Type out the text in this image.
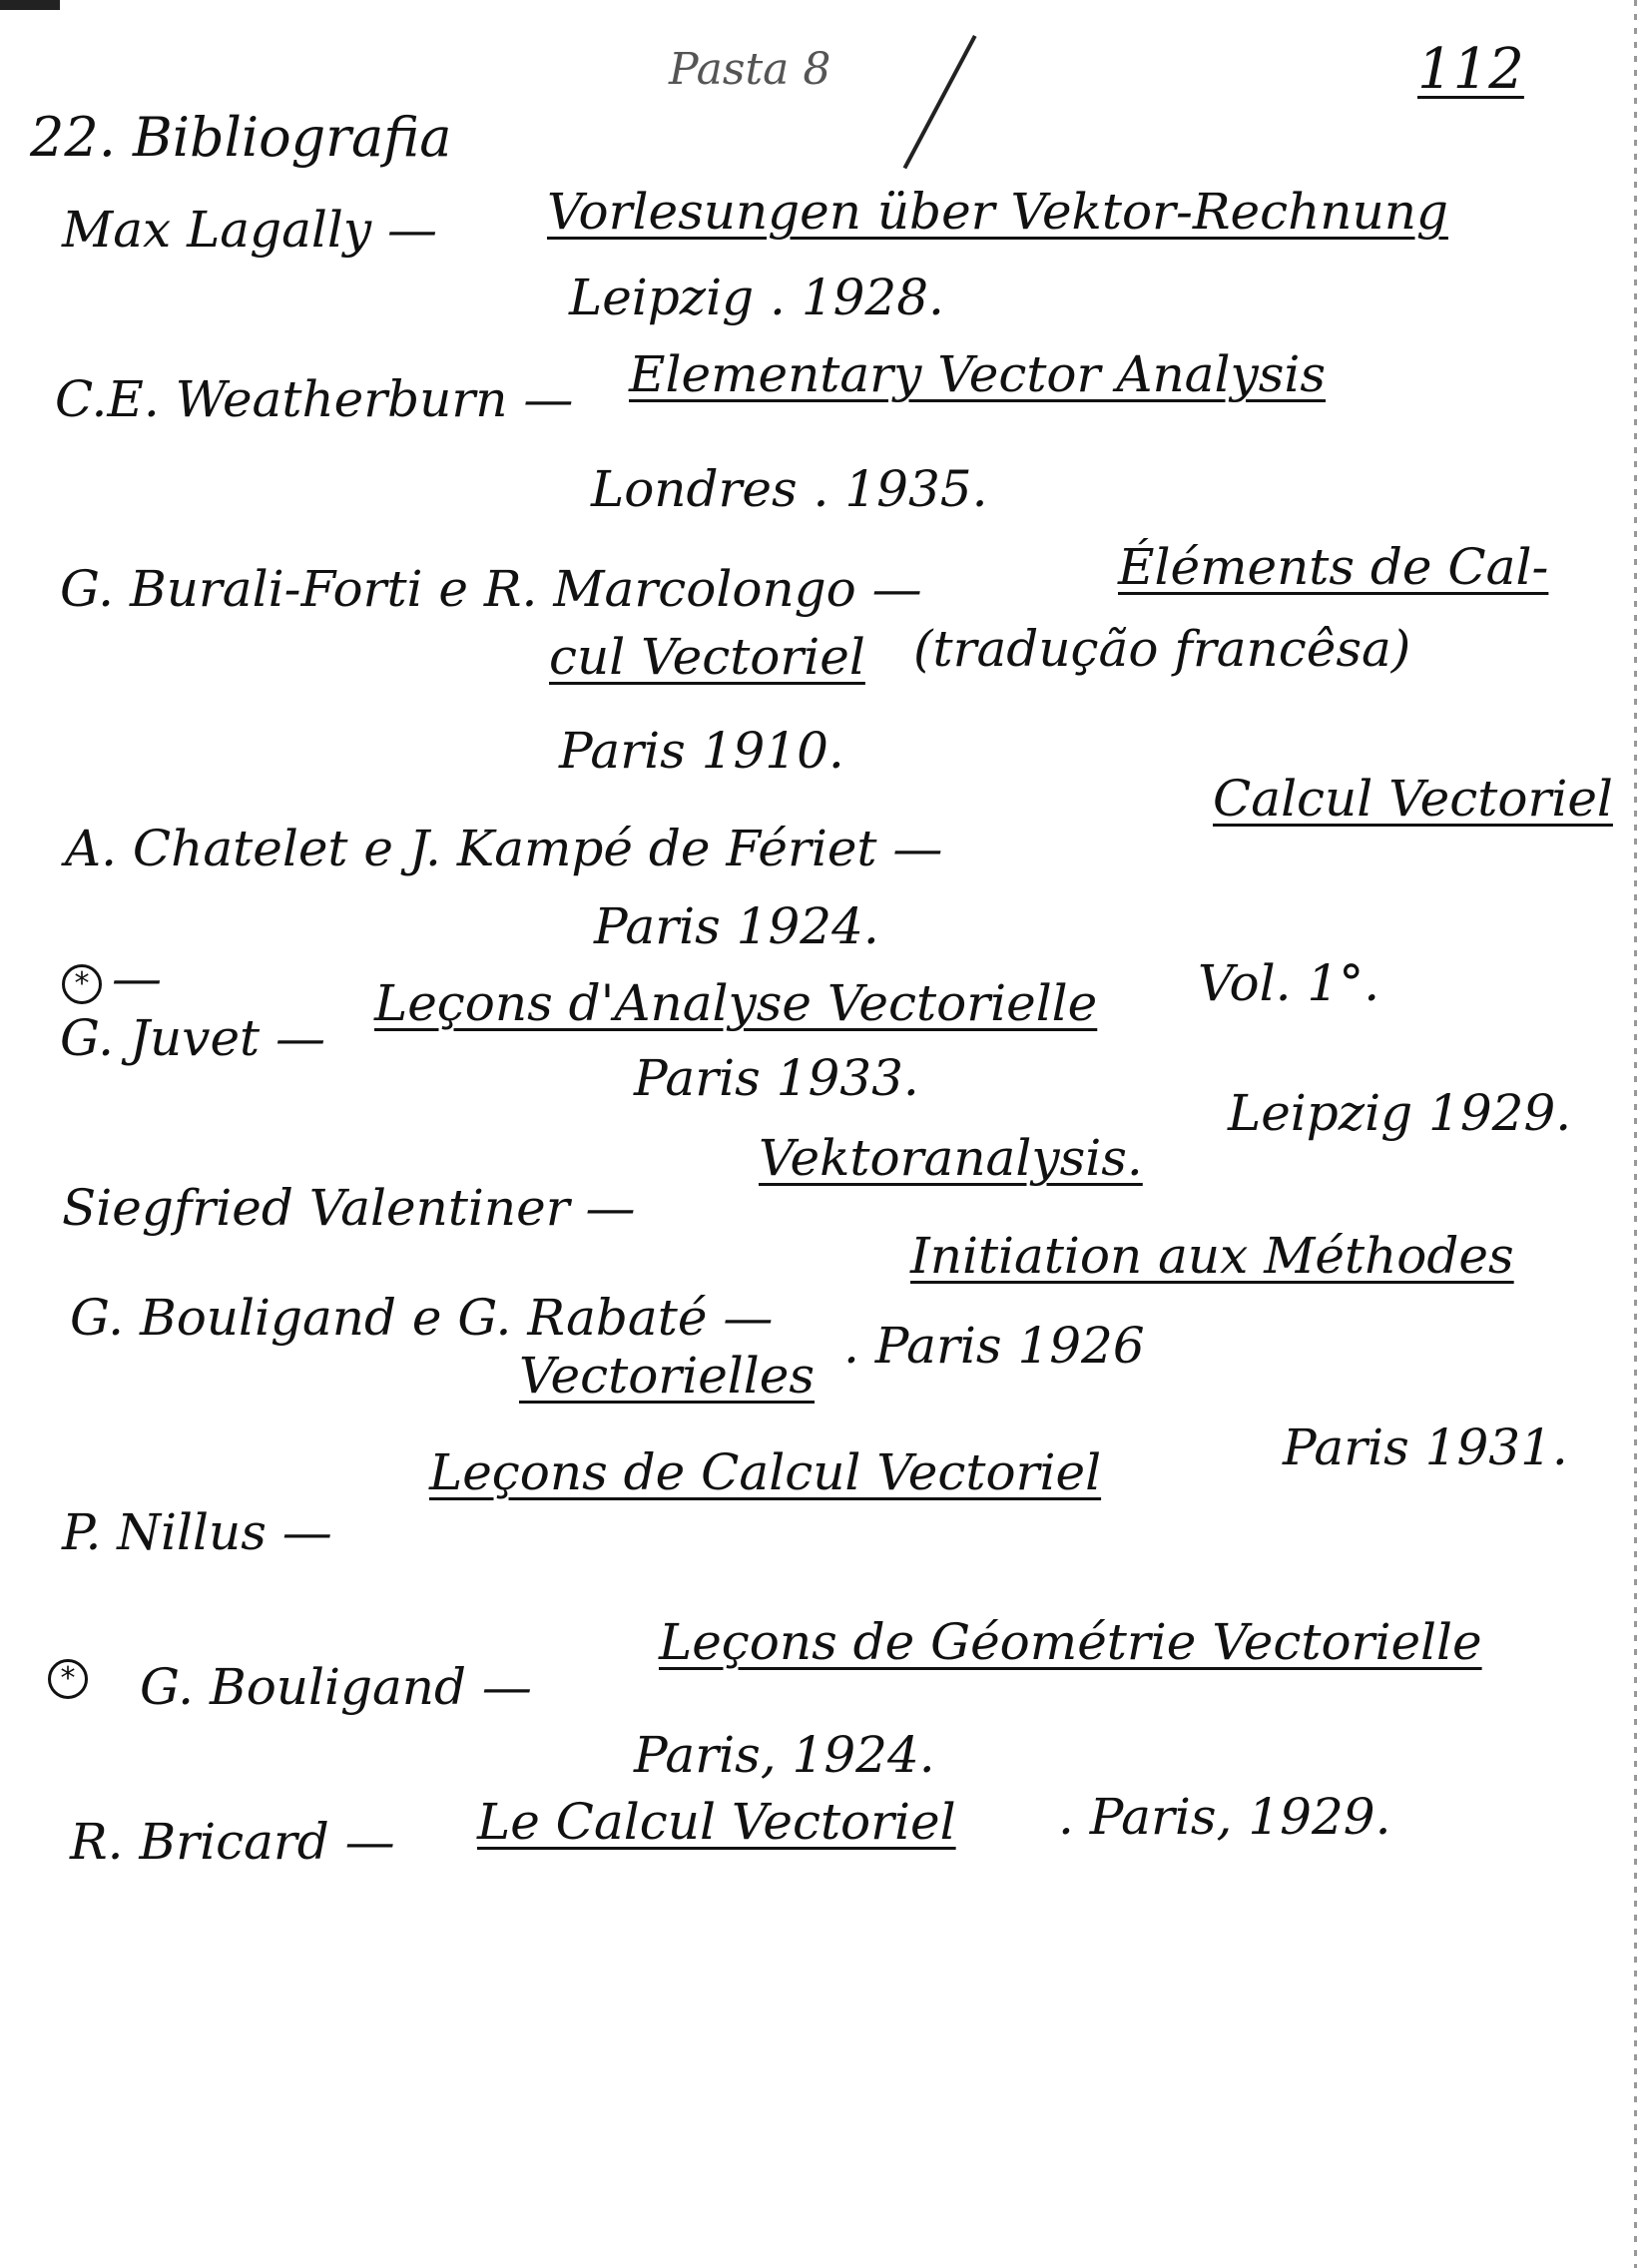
Pasta 8	112
22. Bibliografia
Max Lagally — Vorlesungen über Vektor-Rechnung
Leipzig . 1928.
C.E. Weatherburn — Elementary Vector Analysis
Londres . 1935.
G. Burali-Forti e R. Marcolongo —	Éléments de Cal-
cul Vectoriel (tradução francêsa)
Paris 1910.
A. Chatelet e J. Kampé de Fériet —
Calcul Vectoriel
Paris 1924.
* —
G. Juvet —
Leçons d'Analyse Vectorielle Vol. 1°.
Paris 1933.
Siegfried Valentiner —
Vektoranalysis.
Leipzig 1929.
G. Bouligand e G. Rabaté —
Initiation aux Méthodes
Vectorielles
. Paris 1926
P. Nillus —
Leçons de Calcul Vectoriel	Paris 1931.
* G. Bouligand —
Leçons de Géométrie Vectorielle
Paris, 1924.
R. Bricard — Le Calcul Vectoriel . Paris, 1929.
